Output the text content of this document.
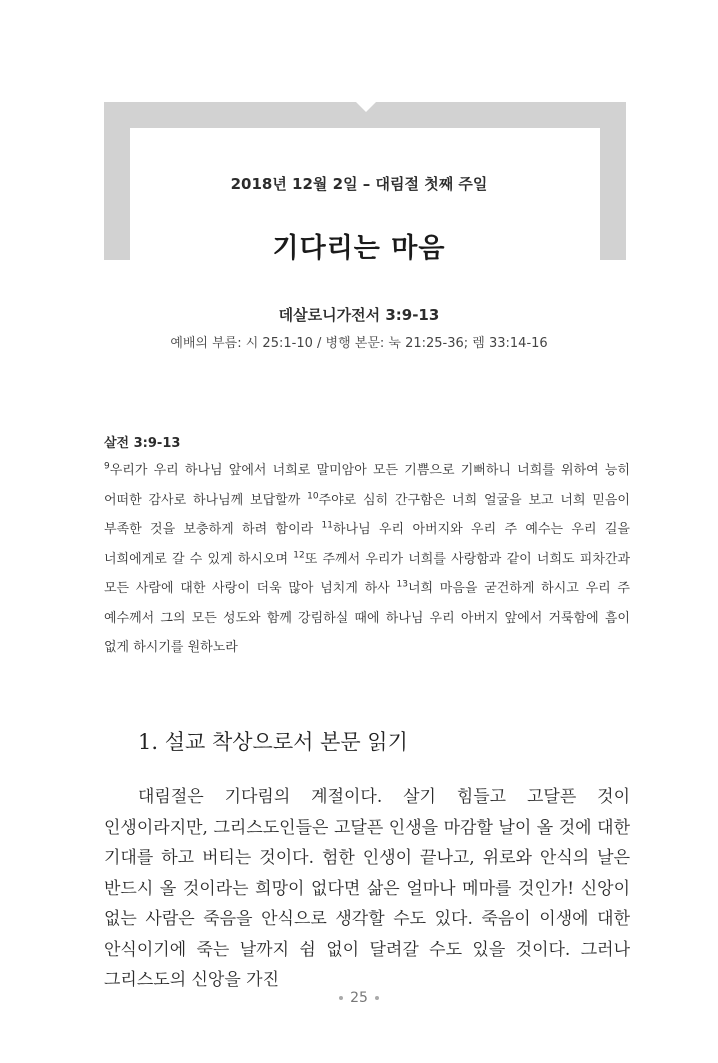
2018년 12월 2일 – 대림절 첫째 주일
기다리는 마음
데살로니가전서 3:9-13
예배의 부름: 시 25:1-10 / 병행 본문: 눅 21:25-36; 렘 33:14-16
살전 3:9-13
$^9$우리가 우리 하나님 앞에서 너희로 말미암아 모든 기쁨으로 기뻐하니 너희를 위하여 능히 어떠한 감사로 하나님께 보답할까 $^{10}$주야로 심히 간구함은 너희 얼굴을 보고 너희 믿음이 부족한 것을 보충하게 하려 함이라 $^{11}$하나님 우리 아버지와 우리 주 예수는 우리 길을 너희에게로 갈 수 있게 하시오며 $^{12}$또 주께서 우리가 너희를 사랑함과 같이 너희도 피차간과 모든 사람에 대한 사랑이 더욱 많아 넘치게 하사 $^{13}$너희 마음을 굳건하게 하시고 우리 주 예수께서 그의 모든 성도와 함께 강림하실 때에 하나님 우리 아버지 앞에서 거룩함에 흠이 없게 하시기를 원하노라
1. 설교 착상으로서 본문 읽기

대림절은 기다림의 계절이다. 살기 힘들고 고달픈 것이 인생이라지만, 그리스도인들은 고달픈 인생을 마감할 날이 올 것에 대한 기대를 하고 버티는 것이다. 험한 인생이 끝나고, 위로와 안식의 날은 반드시 올 것이라는 희망이 없다면 삶은 얼마나 메마를 것인가! 신앙이 없는 사람은 죽음을 안식으로 생각할 수도 있다. 죽음이 이생에 대한 안식이기에 죽는 날까지 쉼 없이 달려갈 수도 있을 것이다. 그러나 그리스도의 신앙을 가진

25
